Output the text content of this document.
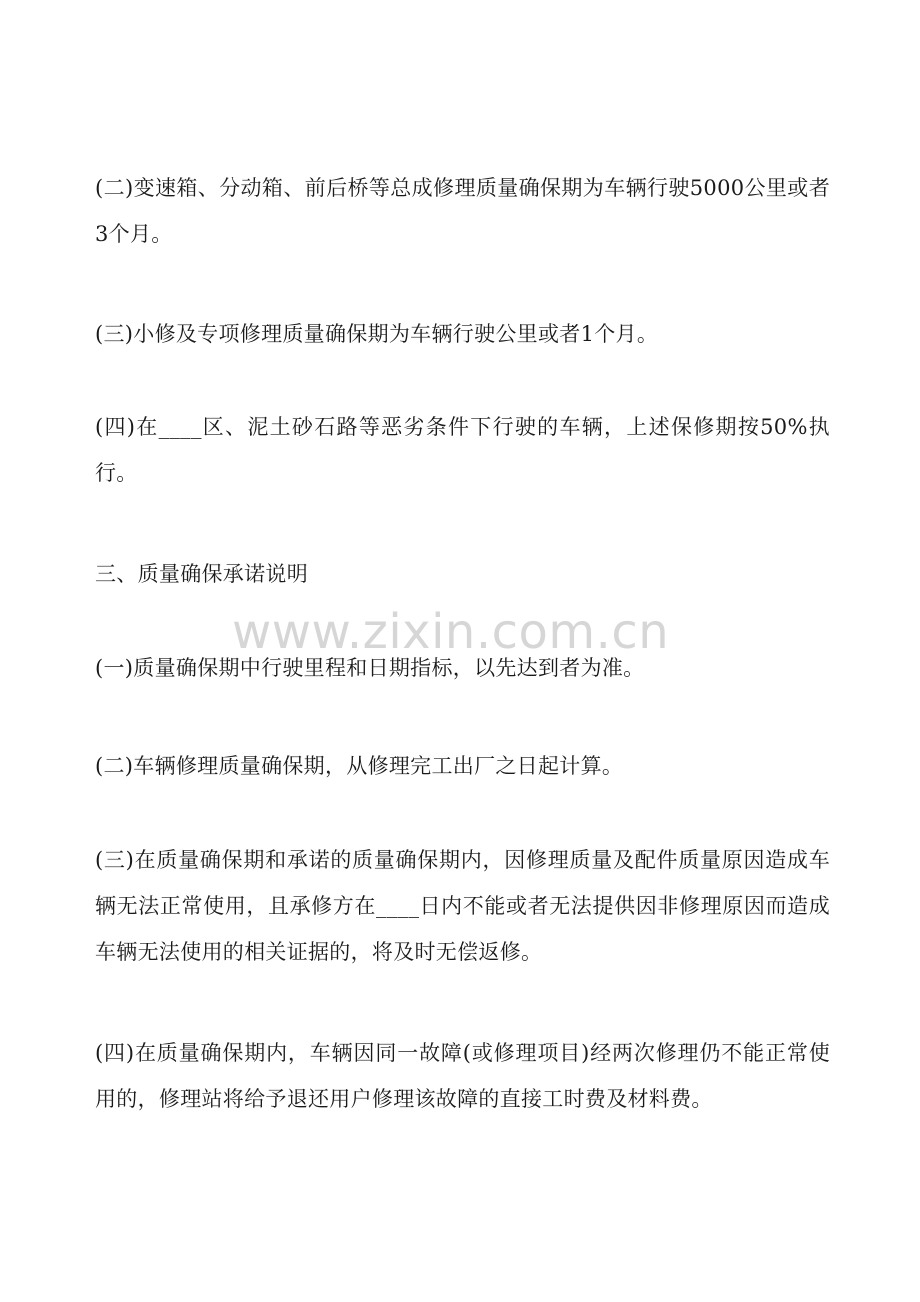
(二)变速箱、分动箱、前后桥等总成修理质量确保期为车辆行驶5000公里或者3个月。

(三)小修及专项修理质量确保期为车辆行驶公里或者1个月。

(四)在____区、泥土砂石路等恶劣条件下行驶的车辆，上述保修期按50%执行。

三、质量确保承诺说明

(一)质量确保期中行驶里程和日期指标，以先达到者为准。

(二)车辆修理质量确保期，从修理完工出厂之日起计算。

(三)在质量确保期和承诺的质量确保期内，因修理质量及配件质量原因造成车辆无法正常使用，且承修方在____日内不能或者无法提供因非修理原因而造成车辆无法使用的相关证据的，将及时无偿返修。

(四)在质量确保期内，车辆因同一故障(或修理项目)经两次修理仍不能正常使用的，修理站将给予退还用户修理该故障的直接工时费及材料费。

www.zixin.com.cn
